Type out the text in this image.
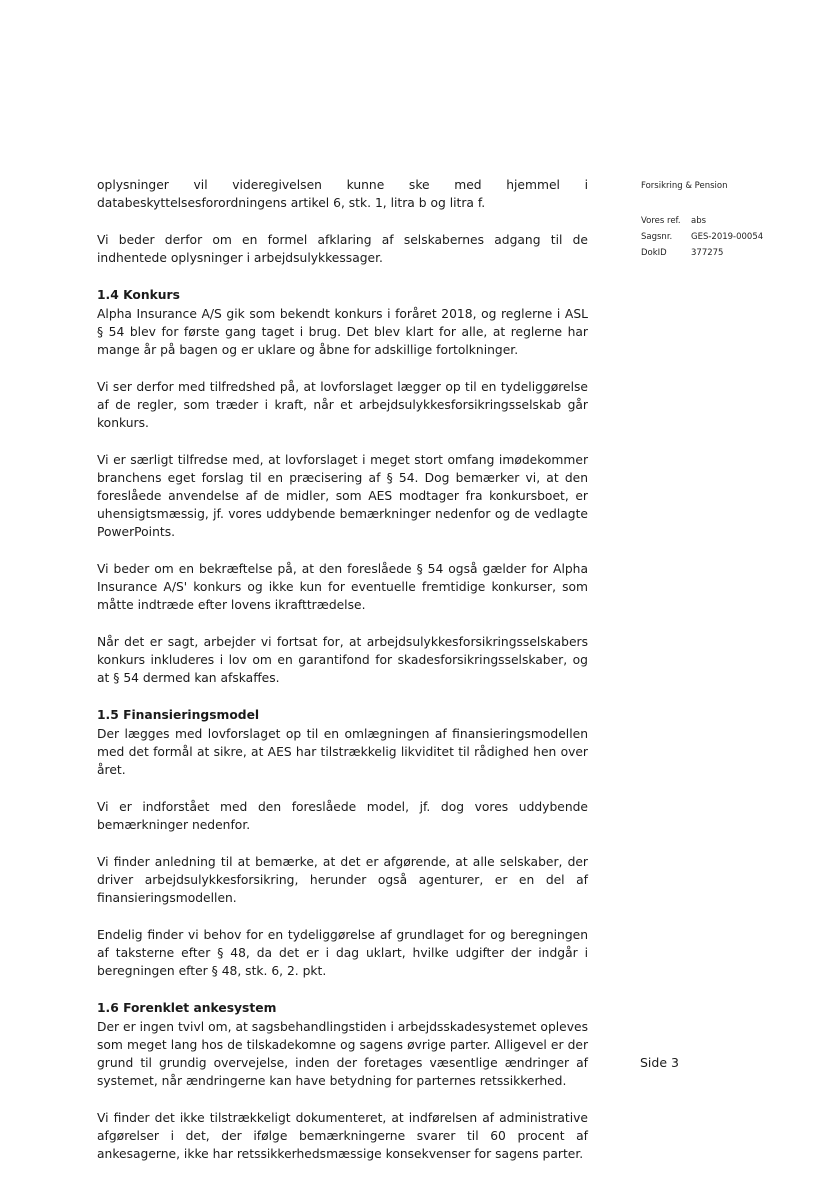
Forsikring & Pension
Vores ref.	abs
Sagsnr.	GES-2019-00054
DokID	377275

oplysninger vil videregivelsen kunne ske med hjemmel i databeskyttelsesforordningens artikel 6, stk. 1, litra b og litra f.

Vi beder derfor om en formel afklaring af selskabernes adgang til de indhentede oplysninger i arbejdsulykkessager.

1.4 Konkurs

Alpha Insurance A/S gik som bekendt konkurs i foråret 2018, og reglerne i ASL § 54 blev for første gang taget i brug. Det blev klart for alle, at reglerne har mange år på bagen og er uklare og åbne for adskillige fortolkninger.

Vi ser derfor med tilfredshed på, at lovforslaget lægger op til en tydeliggørelse af de regler, som træder i kraft, når et arbejdsulykkesforsikringsselskab går konkurs.

Vi er særligt tilfredse med, at lovforslaget i meget stort omfang imødekommer branchens eget forslag til en præcisering af § 54. Dog bemærker vi, at den foreslåede anvendelse af de midler, som AES modtager fra konkursboet, er uhensigtsmæssig, jf. vores uddybende bemærkninger nedenfor og de vedlagte PowerPoints.

Vi beder om en bekræftelse på, at den foreslåede § 54 også gælder for Alpha Insurance A/S' konkurs og ikke kun for eventuelle fremtidige konkurser, som måtte indtræde efter lovens ikrafttrædelse.

Når det er sagt, arbejder vi fortsat for, at arbejdsulykkesforsikringsselskabers konkurs inkluderes i lov om en garantifond for skadesforsikringsselskaber, og at § 54 dermed kan afskaffes.

1.5 Finansieringsmodel

Der lægges med lovforslaget op til en omlægningen af finansieringsmodellen med det formål at sikre, at AES har tilstrækkelig likviditet til rådighed hen over året.

Vi er indforstået med den foreslåede model, jf. dog vores uddybende bemærkninger nedenfor.

Vi finder anledning til at bemærke, at det er afgørende, at alle selskaber, der driver arbejdsulykkesforsikring, herunder også agenturer, er en del af finansieringsmodellen.

Endelig finder vi behov for en tydeliggørelse af grundlaget for og beregningen af taksterne efter § 48, da det er i dag uklart, hvilke udgifter der indgår i beregningen efter § 48, stk. 6, 2. pkt.

1.6 Forenklet ankesystem

Der er ingen tvivl om, at sagsbehandlingstiden i arbejdsskadesystemet opleves som meget lang hos de tilskadekomne og sagens øvrige parter. Alligevel er der grund til grundig overvejelse, inden der foretages væsentlige ændringer af systemet, når ændringerne kan have betydning for parternes retssikkerhed.

Vi finder det ikke tilstrækkeligt dokumenteret, at indførelsen af administrative afgørelser i det, der ifølge bemærkningerne svarer til 60 procent af ankesagerne, ikke har retssikkerhedsmæssige konsekvenser for sagens parter.

Side 3
